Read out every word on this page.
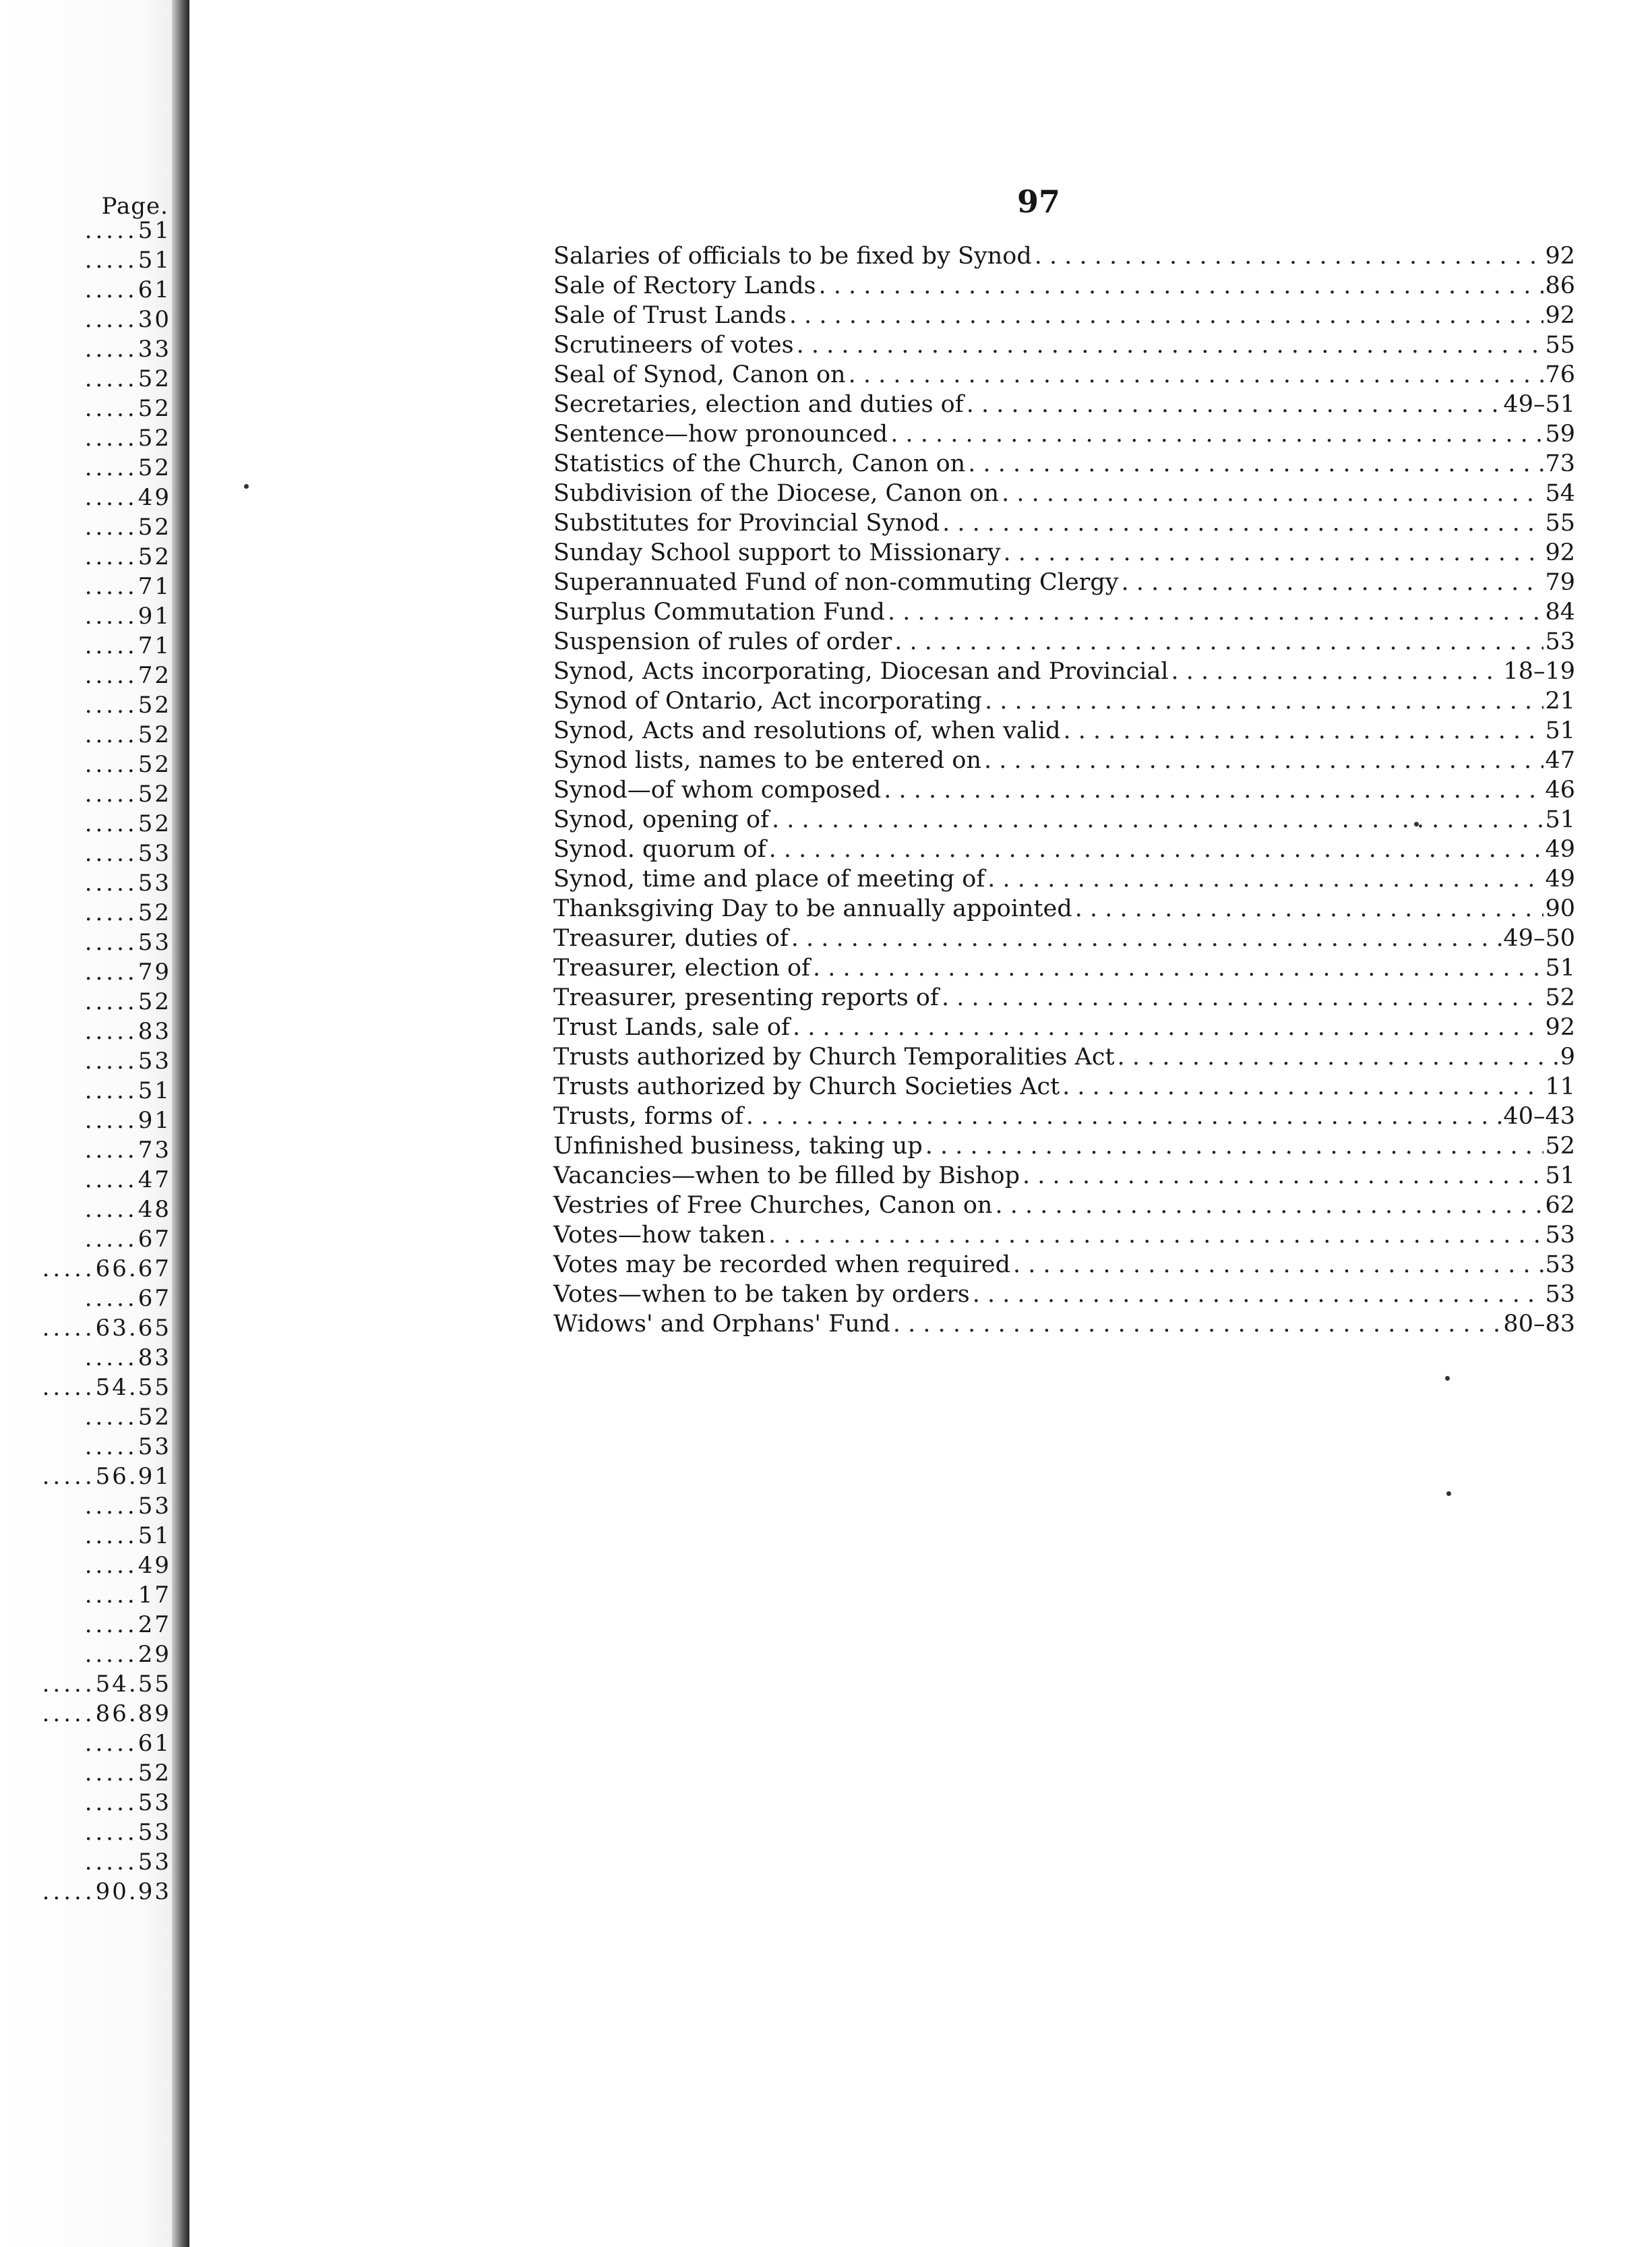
Page.
.....51
.....51
.....61
.....30
.....33
.....52
.....52
.....52
.....52
.....49
.....52
.....52
.....71
.....91
.....71
.....72
.....52
.....52
.....52
.....52
.....52
.....53
.....53
.....52
.....53
.....79
.....52
.....83
.....53
.....51
.....91
.....73
.....47
.....48
.....67
.....66.67
.....67
.....63.65
.....83
.....54.55
.....52
.....53
.....56.91
.....53
.....51
.....49
.....17
.....27
.....29
.....54.55
.....86.89
.....61
.....52
.....53
.....53
.....53
.....90.93
97
Salaries of officials to be fixed by Synod . . .	92
Sale of Rectory Lands . . .	86
Sale of Trust Lands . . .	92
Scrutineers of votes . . .	55
Seal of Synod, Canon on . . .	76
Secretaries, election and duties of . . .	49–51
Sentence—how pronounced . . .	59
Statistics of the Church, Canon on . . .	73
Subdivision of the Diocese, Canon on . . .	54
Substitutes for Provincial Synod . . .	55
Sunday School support to Missionary . . .	92
Superannuated Fund of non-commuting Clergy . . .	79
Surplus Commutation Fund . . .	84
Suspension of rules of order . . .	53
Synod, Acts incorporating, Diocesan and Provincial . . .	18–19
Synod of Ontario, Act incorporating . . .	21
Synod, Acts and resolutions of, when valid . . .	51
Synod lists, names to be entered on . . .	47
Synod—of whom composed . . .	46
Synod, opening of . . .	51
Synod. quorum of . . .	49
Synod, time and place of meeting of . . .	49
Thanksgiving Day to be annually appointed . . .	90
Treasurer, duties of . . .	49–50
Treasurer, election of . . .	51
Treasurer, presenting reports of . . .	52
Trust Lands, sale of . . .	92
Trusts authorized by Church Temporalities Act . . .	9
Trusts authorized by Church Societies Act . . .	11
Trusts, forms of . . .	40–43
Unfinished business, taking up . . .	52
Vacancies—when to be filled by Bishop . . .	51
Vestries of Free Churches, Canon on . . .	62
Votes—how taken . . .	53
Votes may be recorded when required . . .	53
Votes—when to be taken by orders . . .	53
Widows' and Orphans' Fund . . .	80–83
